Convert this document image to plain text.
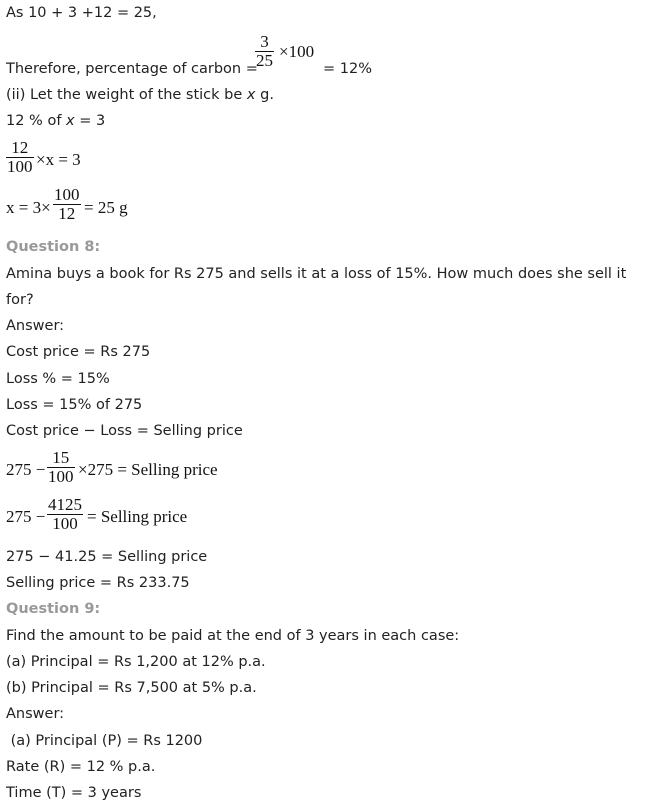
As 10 + 3 +12 = 25,
Therefore, percentage of carbon =
$\frac{3}{25} \times 100$
= 12%
(ii) Let the weight of the stick be x g.
12 % of x = 3
$\frac{12}{100} \times x = 3$
$x = 3\times \frac{100}{12} = 25$ g
Question 8:
Amina buys a book for Rs 275 and sells it at a loss of 15%. How much does she sell it
for?
Answer:
Cost price = Rs 275
Loss % = 15%
Loss = 15% of 275
Cost price − Loss = Selling price
$275 - \frac{15}{100} \times 275$ = Selling price
$275 - \frac{4125}{100}$ = Selling price
275 − 41.25 = Selling price
Selling price = Rs 233.75
Question 9:
Find the amount to be paid at the end of 3 years in each case:
(a) Principal = Rs 1,200 at 12% p.a.
(b) Principal = Rs 7,500 at 5% p.a.
Answer:
(a) Principal (P) = Rs 1200
Rate (R) = 12 % p.a.
Time (T) = 3 years
